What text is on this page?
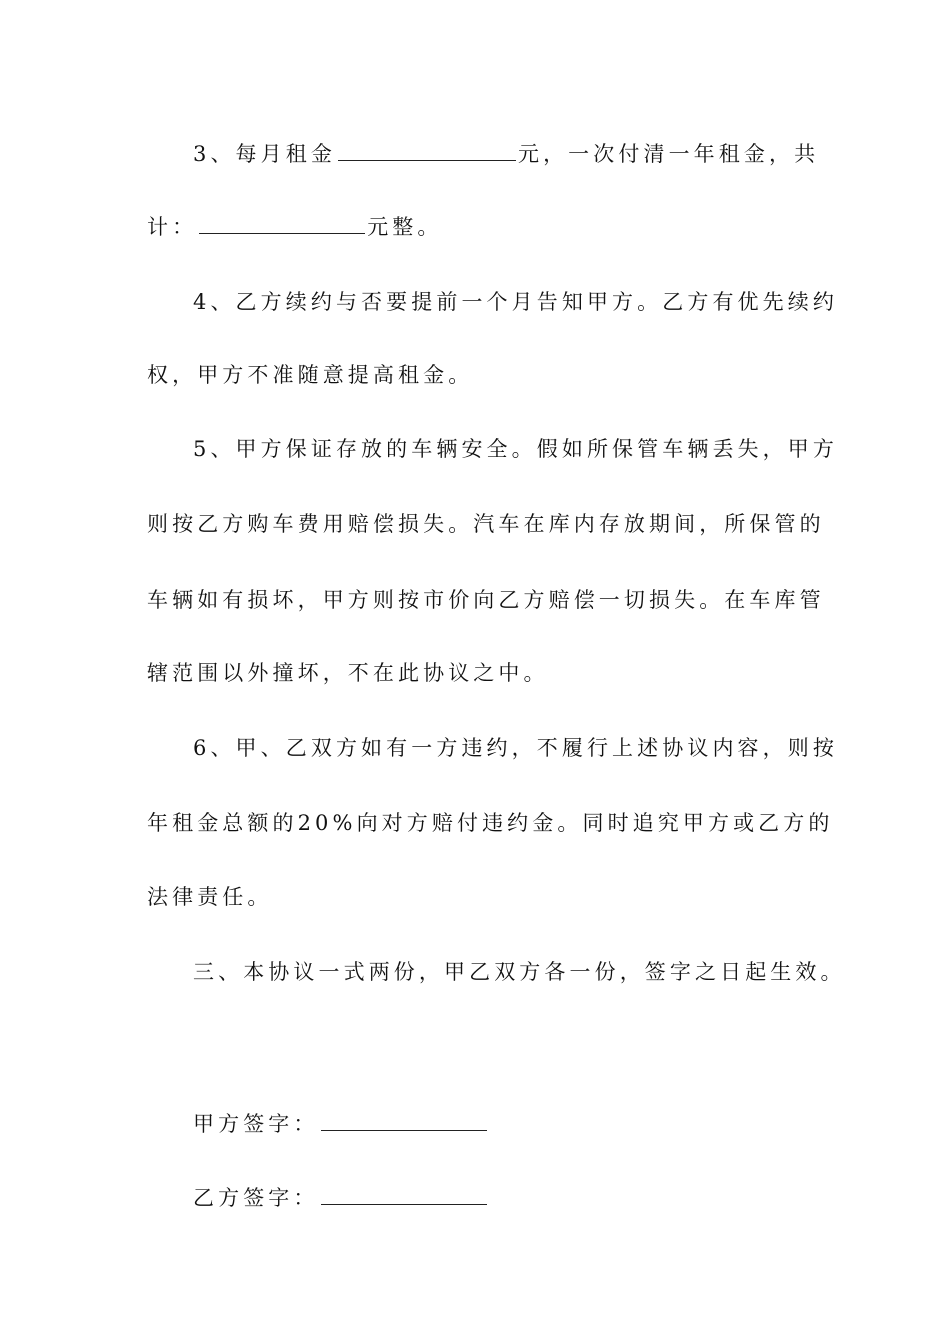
3、每月租金	元，一次付清一年租金，共
计：	元整。
4、乙方续约与否要提前一个月告知甲方。乙方有优先续约
权，甲方不准随意提高租金。
5、甲方保证存放的车辆安全。假如所保管车辆丢失，甲方
则按乙方购车费用赔偿损失。汽车在库内存放期间，所保管的
车辆如有损坏，甲方则按市价向乙方赔偿一切损失。在车库管
辖范围以外撞坏，不在此协议之中。
6、甲、乙双方如有一方违约，不履行上述协议内容，则按
年租金总额的20%向对方赔付违约金。同时追究甲方或乙方的
法律责任。
三、本协议一式两份，甲乙双方各一份，签字之日起生效。
甲方签字：
乙方签字：
